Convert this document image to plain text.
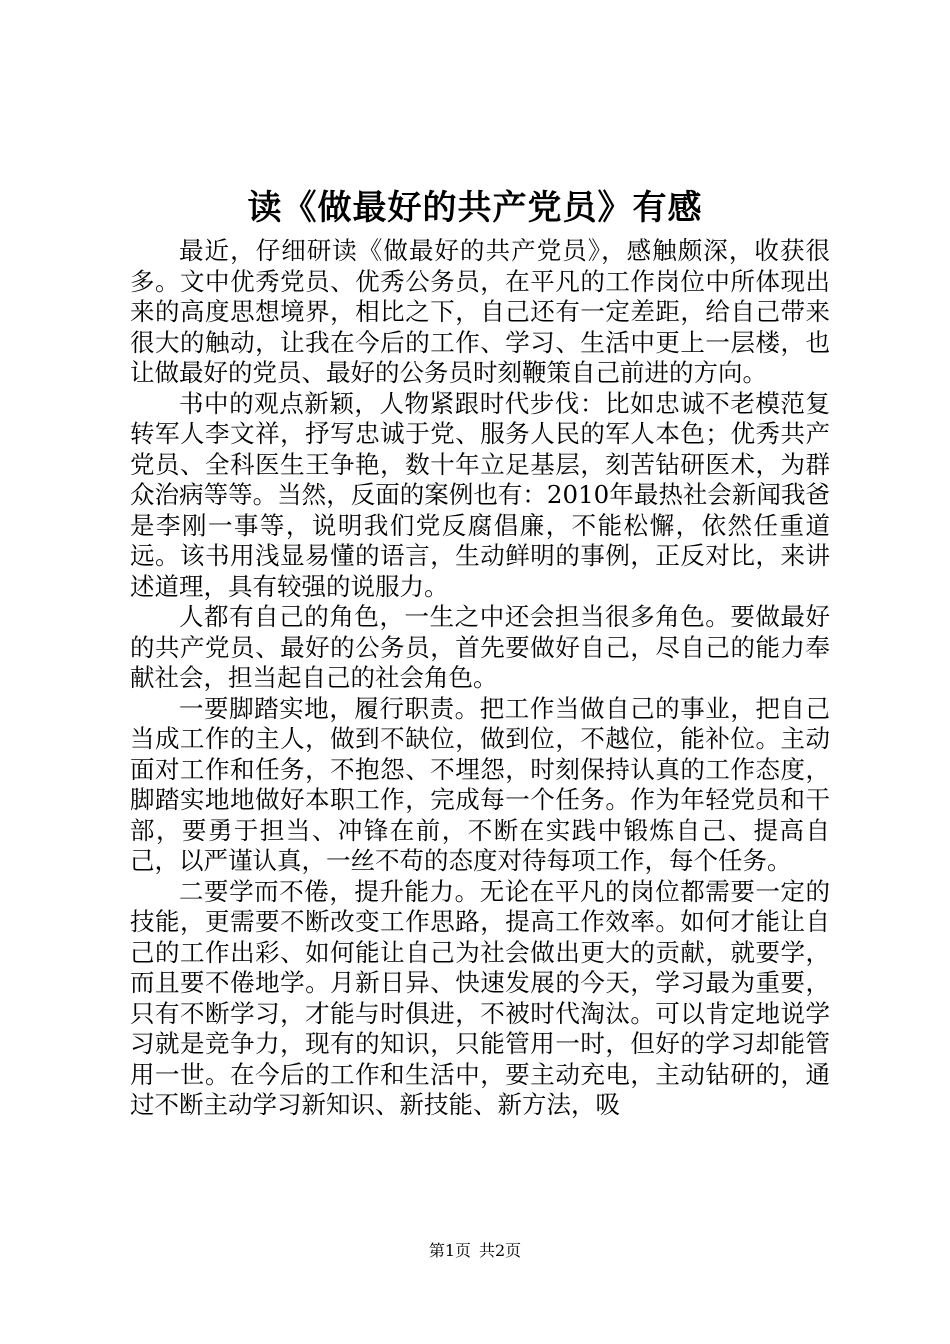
读《做最好的共产党员》有感

最近，仔细研读《做最好的共产党员》，感触颇深，收获很多。文中优秀党员、优秀公务员，在平凡的工作岗位中所体现出来的高度思想境界，相比之下，自己还有一定差距，给自己带来很大的触动，让我在今后的工作、学习、生活中更上一层楼，也让做最好的党员、最好的公务员时刻鞭策自己前进的方向。

书中的观点新颖，人物紧跟时代步伐：比如忠诚不老模范复转军人李文祥，抒写忠诚于党、服务人民的军人本色；优秀共产党员、全科医生王争艳，数十年立足基层，刻苦钻研医术，为群众治病等等。当然，反面的案例也有：2010年最热社会新闻我爸是李刚一事等，说明我们党反腐倡廉，不能松懈，依然任重道远。该书用浅显易懂的语言，生动鲜明的事例，正反对比，来讲述道理，具有较强的说服力。

人都有自己的角色，一生之中还会担当很多角色。要做最好的共产党员、最好的公务员，首先要做好自己，尽自己的能力奉献社会，担当起自己的社会角色。

一要脚踏实地，履行职责。把工作当做自己的事业，把自己当成工作的主人，做到不缺位，做到位，不越位，能补位。主动面对工作和任务，不抱怨、不埋怨，时刻保持认真的工作态度，脚踏实地地做好本职工作，完成每一个任务。作为年轻党员和干部，要勇于担当、冲锋在前，不断在实践中锻炼自己、提高自己，以严谨认真，一丝不苟的态度对待每项工作，每个任务。

二要学而不倦，提升能力。无论在平凡的岗位都需要一定的技能，更需要不断改变工作思路，提高工作效率。如何才能让自己的工作出彩、如何能让自己为社会做出更大的贡献，就要学，而且要不倦地学。月新日异、快速发展的今天，学习最为重要，只有不断学习，才能与时俱进，不被时代淘汰。可以肯定地说学习就是竞争力，现有的知识，只能管用一时，但好的学习却能管用一世。在今后的工作和生活中，要主动充电，主动钻研的，通过不断主动学习新知识、新技能、新方法，吸

第1页 共2页
